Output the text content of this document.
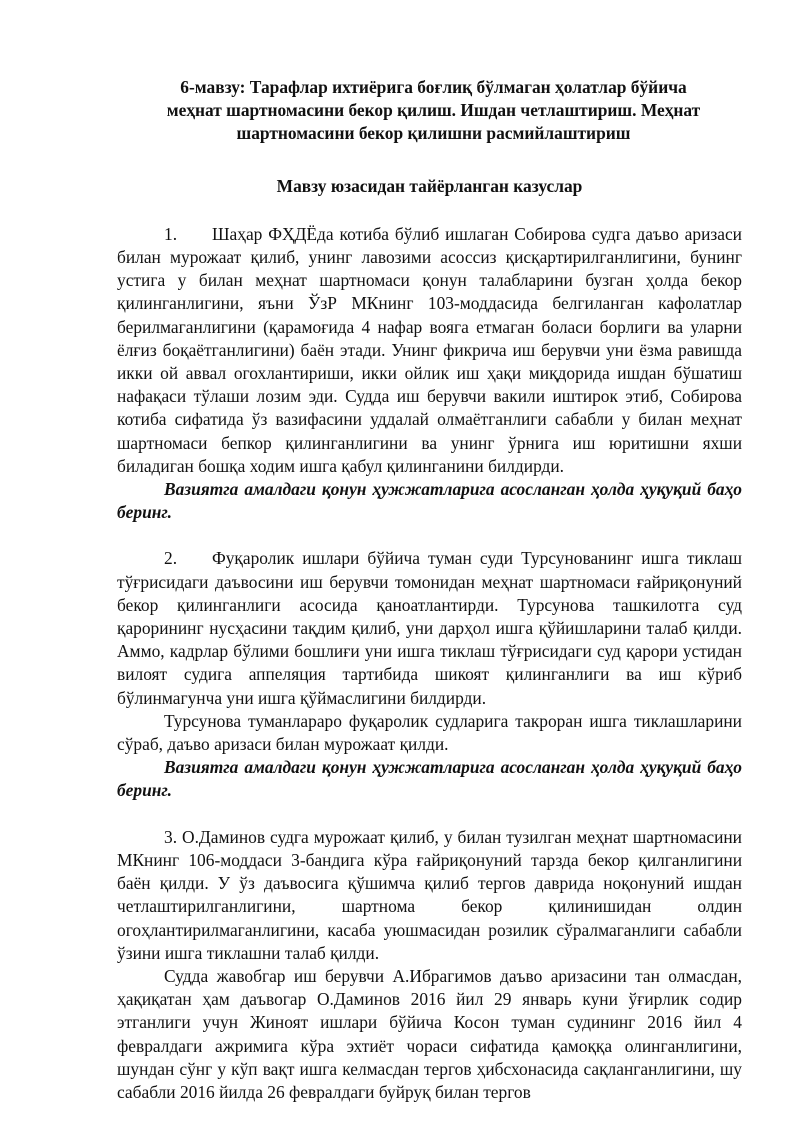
6-мавзу: Тарафлар ихтиёрига боғлиқ бўлмаган ҳолатлар бўйича
меҳнат шартномасини бекор қилиш. Ишдан четлаштириш. Меҳнат
шартномасини бекор қилишни расмийлаштириш

Мавзу юзасидан тайёрланган казуслар

1. Шаҳар ФҲДЁда котиба бўлиб ишлаган Собирова судга даъво аризаси билан мурожаат қилиб, унинг лавозими асоссиз қисқартирилганлигини, бунинг устига у билан меҳнат шартномаси қонун талабларини бузган ҳолда бекор қилинганлигини, яъни ЎзР МКнинг 103-моддасида белгиланган кафолатлар берилмаганлигини (қарамоғида 4 нафар вояга етмаган боласи борлиги ва уларни ёлғиз боқаётганлигини) баён этади. Унинг фикрича иш берувчи уни ёзма равишда икки ой аввал огохлантириши, икки ойлик иш ҳақи миқдорида ишдан бўшатиш нафақаси тўлаши лозим эди. Судда иш берувчи вакили иштирок этиб, Собирова котиба сифатида ўз вазифасини уддалай олмаётганлиги сабабли у билан меҳнат шартномаси бепкор қилинганлигини ва унинг ўрнига иш юритишни яхши биладиган бошқа ходим ишга қабул қилинганини билдирди.

Вазиятга амалдаги қонун ҳужжатларига асосланган ҳолда ҳуқуқий баҳо беринг.

2. Фуқаролик ишлари бўйича туман суди Турсунованинг ишга тиклаш тўғрисидаги даъвосини иш берувчи томонидан меҳнат шартномаси ғайриқонуний бекор қилинганлиги асосида қаноатлантирди. Турсунова ташкилотга суд қарорининг нусҳасини тақдим қилиб, уни дарҳол ишга қўйишларини талаб қилди. Аммо, кадрлар бўлими бошлиғи уни ишга тиклаш тўғрисидаги суд қарори устидан вилоят судига аппеляция тартибида шикоят қилинганлиги ва иш кўриб бўлинмагунча уни ишга қўймаслигини билдирди.

Турсунова туманлараро фуқаролик судларига такроран ишга тиклашларини сўраб, даъво аризаси билан мурожаат қилди.

Вазиятга амалдаги қонун ҳужжатларига асосланган ҳолда ҳуқуқий баҳо беринг.

3. О.Даминов судга мурожаат қилиб, у билан тузилган меҳнат шартномасини МКнинг 106-моддаси 3-бандига кўра ғайриқонуний тарзда бекор қилганлигини баён қилди. У ўз даъвосига қўшимча қилиб тергов даврида ноқонуний ишдан четлаштирилганлигини, шартнома бекор қилинишидан олдин огоҳлантирилмаганлигини, касаба уюшмасидан розилик сўралмаганлиги сабабли ўзини ишга тиклашни талаб қилди.

Судда жавобгар иш берувчи А.Ибрагимов даъво аризасини тан олмасдан, ҳақиқатан ҳам даъвогар О.Даминов 2016 йил 29 январь куни ўғирлик содир этганлиги учун Жиноят ишлари бўйича Косон туман судининг 2016 йил 4 февралдаги ажримига кўра эхтиёт чораси сифатида қамоққа олинганлигини, шундан сўнг у кўп вақт ишга келмасдан тергов ҳибсхонасида сақланганлигини, шу сабабли 2016 йилда 26 февралдаги буйруқ билан тергов
